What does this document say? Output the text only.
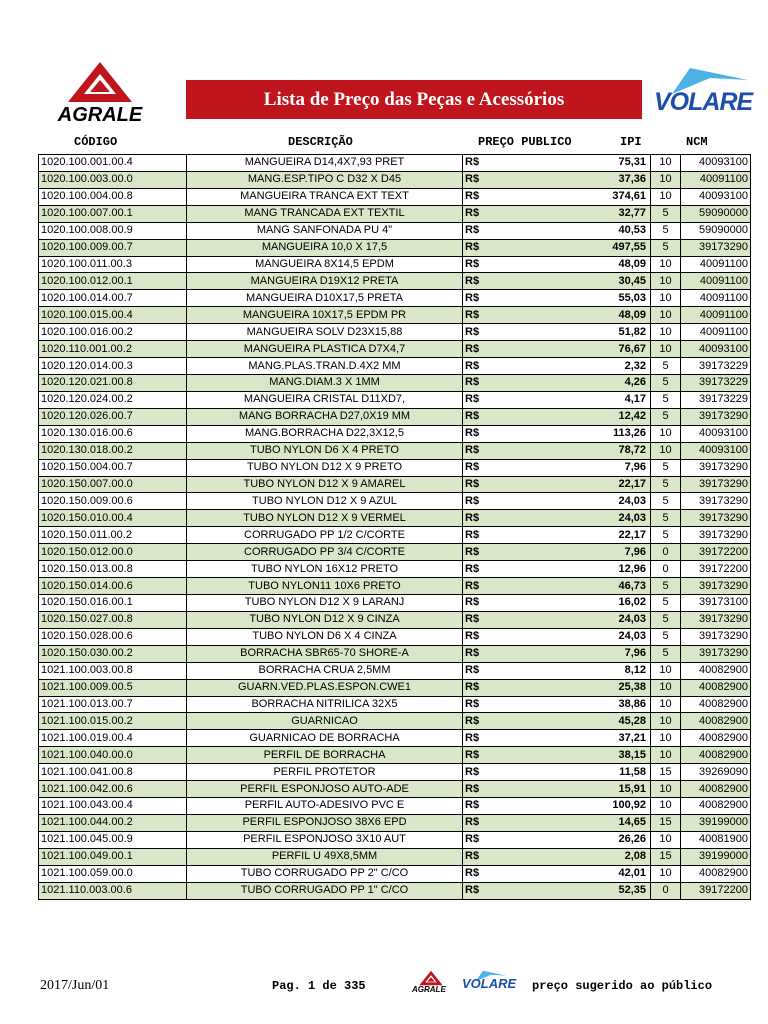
AGRALE
Lista de Preço das Peças e Acessórios	VOLARE
CÓDIGO	DESCRIÇÃO	PREÇO PUBLICO	IPI	NCM
1020.100.001.00.4	MANGUEIRA D14,4X7,93 PRET	R$	75,31	10	40093100
1020.100.003.00.0	MANG.ESP.TIPO C D32 X D45	R$	37,36	10	40091100
1020.100.004.00.8	MANGUEIRA TRANCA EXT TEXT	R$	374,61	10	40093100
1020.100.007.00.1	MANG TRANCADA EXT TEXTIL	R$	32,77	5	59090000
1020.100.008.00.9	MANG SANFONADA PU 4"	R$	40,53	5	59090000
1020.100.009.00.7	MANGUEIRA 10,0 X 17,5	R$	497,55	5	39173290
1020.100.011.00.3	MANGUEIRA 8X14,5 EPDM	R$	48,09	10	40091100
1020.100.012.00.1	MANGUEIRA D19X12 PRETA	R$	30,45	10	40091100
1020.100.014.00.7	MANGUEIRA D10X17,5 PRETA	R$	55,03	10	40091100
1020.100.015.00.4	MANGUEIRA 10X17,5 EPDM PR	R$	48,09	10	40091100
1020.100.016.00.2	MANGUEIRA SOLV D23X15,88	R$	51,82	10	40091100
1020.110.001.00.2	MANGUEIRA PLASTICA D7X4,7	R$	76,67	10	40093100
1020.120.014.00.3	MANG.PLAS.TRAN.D.4X2 MM	R$	2,32	5	39173229
1020.120.021.00.8	MANG.DIAM.3 X 1MM	R$	4,26	5	39173229
1020.120.024.00.2	MANGUEIRA CRISTAL D11XD7,	R$	4,17	5	39173229
1020.120.026.00.7	MANG BORRACHA D27,0X19 MM	R$	12,42	5	39173290
1020.130.016.00.6	MANG.BORRACHA D22,3X12,5	R$	113,26	10	40093100
1020.130.018.00.2	TUBO NYLON D6 X 4 PRETO	R$	78,72	10	40093100
1020.150.004.00.7	TUBO NYLON D12 X 9 PRETO	R$	7,96	5	39173290
1020.150.007.00.0	TUBO NYLON D12 X 9 AMAREL	R$	22,17	5	39173290
1020.150.009.00.6	TUBO NYLON D12 X 9 AZUL	R$	24,03	5	39173290
1020.150.010.00.4	TUBO NYLON D12 X 9 VERMEL	R$	24,03	5	39173290
1020.150.011.00.2	CORRUGADO PP 1/2 C/CORTE	R$	22,17	5	39173290
1020.150.012.00.0	CORRUGADO PP 3/4 C/CORTE	R$	7,96	0	39172200
1020.150.013.00.8	TUBO NYLON 16X12 PRETO	R$	12,96	0	39172200
1020.150.014.00.6	TUBO NYLON11 10X6 PRETO	R$	46,73	5	39173290
1020.150.016.00.1	TUBO NYLON D12 X 9 LARANJ	R$	16,02	5	39173100
1020.150.027.00.8	TUBO NYLON D12 X 9 CINZA	R$	24,03	5	39173290
1020.150.028.00.6	TUBO NYLON D6 X 4 CINZA	R$	24,03	5	39173290
1020.150.030.00.2	BORRACHA SBR65-70 SHORE-A	R$	7,96	5	39173290
1021.100.003.00.8	BORRACHA CRUA 2,5MM	R$	8,12	10	40082900
1021.100.009.00.5	GUARN.VED.PLAS.ESPON.CWE1	R$	25,38	10	40082900
1021.100.013.00.7	BORRACHA NITRILICA 32X5	R$	38,86	10	40082900
1021.100.015.00.2	GUARNICAO	R$	45,28	10	40082900
1021.100.019.00.4	GUARNICAO DE BORRACHA	R$	37,21	10	40082900
1021.100.040.00.0	PERFIL DE BORRACHA	R$	38,15	10	40082900
1021.100.041.00.8	PERFIL PROTETOR	R$	11,58	15	39269090
1021.100.042.00.6	PERFIL ESPONJOSO AUTO-ADE	R$	15,91	10	40082900
1021.100.043.00.4	PERFIL AUTO-ADESIVO PVC E	R$	100,92	10	40082900
1021.100.044.00.2	PERFIL ESPONJOSO 38X6 EPD	R$	14,65	15	39199000
1021.100.045.00.9	PERFIL ESPONJOSO 3X10 AUT	R$	26,26	10	40081900
1021.100.049.00.1	PERFIL U 49X8,5MM	R$	2,08	15	39199000
1021.100.059.00.0	TUBO CORRUGADO PP 2" C/CO	R$	42,01	10	40082900
1021.110.003.00.6	TUBO CORRUGADO PP 1" C/CO	R$	52,35	0	39172200
2017/Jun/01	Pag. 1 de 335	AGRALE VOLARE preço sugerido ao público
